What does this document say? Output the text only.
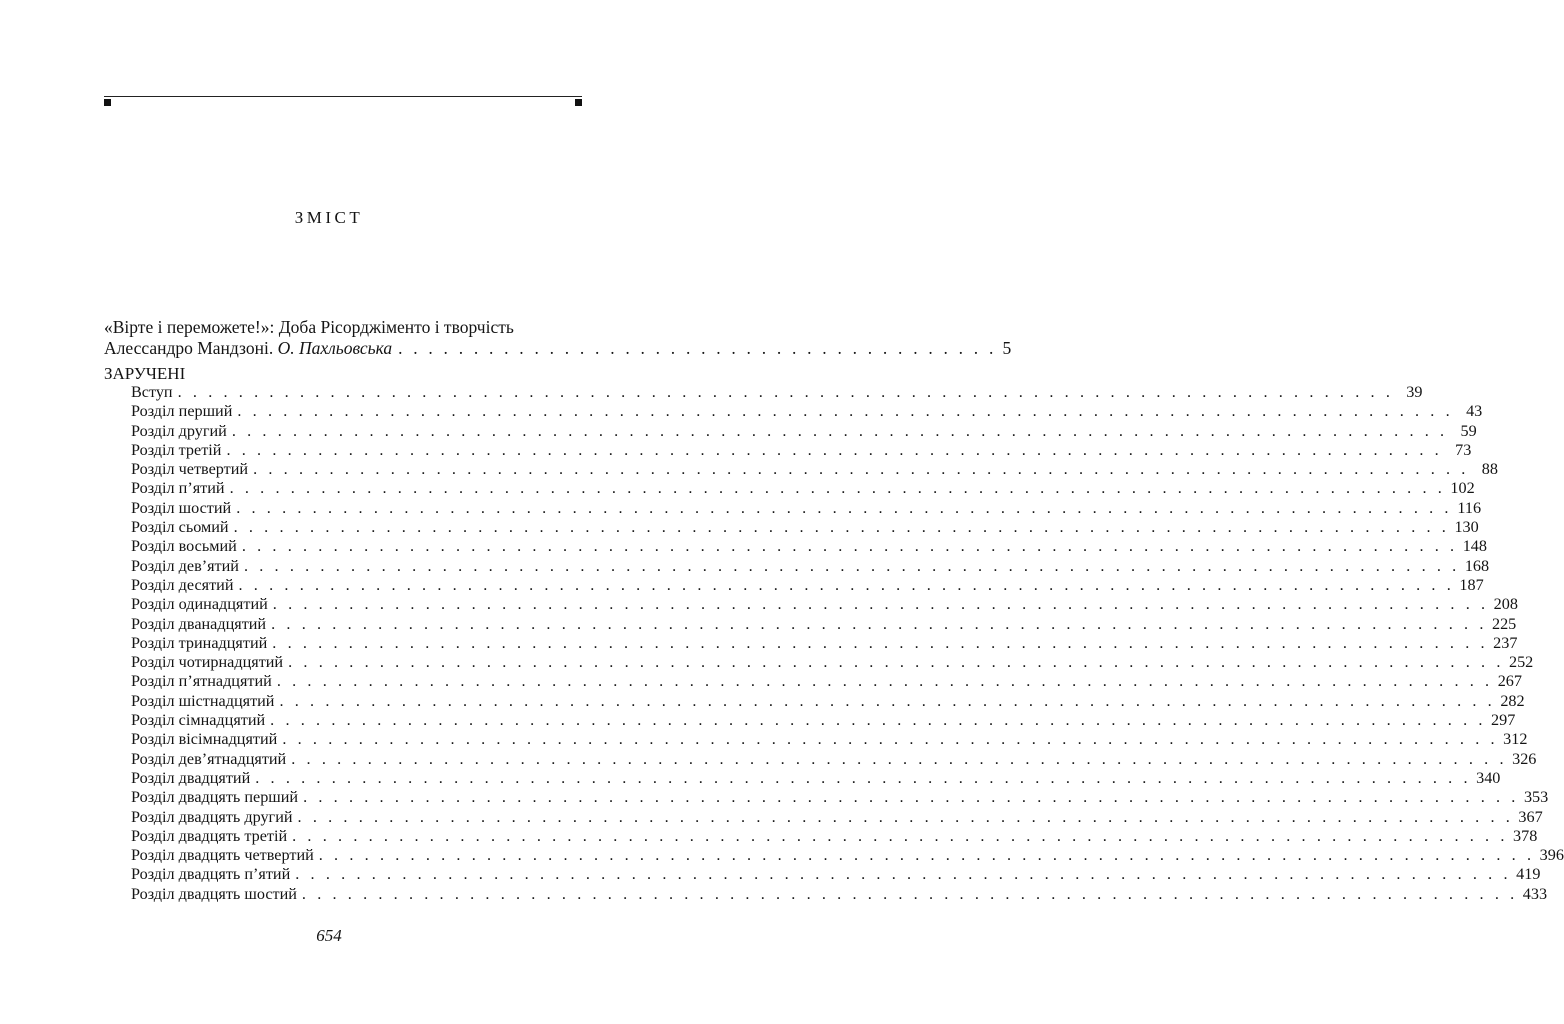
ЗМІСТ
«Вірте і переможете!»: Доба Рісорджіменто і творчість
Алессандро Мандзоні.
О. Пахльовська . . . . . . . . . . . . . . . . . . . . . . . . . . . . . . . . . . . . . . . . 5
ЗАРУЧЕНІ
Вступ . . . . . . . . . . . . . . . . . . . . . . . . . . . . . . . . . . . . . . . . . . . . . . . . . . . . . . . . . . . . . . . . . . . . . . . . . . . . . . . . 39
Розділ перший . . . . . . . . . . . . . . . . . . . . . . . . . . . . . . . . . . . . . . . . . . . . . . . . . . . . . . . . . . . . . . . . . . . . . . . . . . . . . . . . 43
Розділ другий . . . . . . . . . . . . . . . . . . . . . . . . . . . . . . . . . . . . . . . . . . . . . . . . . . . . . . . . . . . . . . . . . . . . . . . . . . . . . . . . 59
Розділ третій . . . . . . . . . . . . . . . . . . . . . . . . . . . . . . . . . . . . . . . . . . . . . . . . . . . . . . . . . . . . . . . . . . . . . . . . . . . . . . . . 73
Розділ четвертий . . . . . . . . . . . . . . . . . . . . . . . . . . . . . . . . . . . . . . . . . . . . . . . . . . . . . . . . . . . . . . . . . . . . . . . . . . . . . . . . 88
Розділ п’ятий . . . . . . . . . . . . . . . . . . . . . . . . . . . . . . . . . . . . . . . . . . . . . . . . . . . . . . . . . . . . . . . . . . . . . . . . . . . . . . . . 102
Розділ шостий . . . . . . . . . . . . . . . . . . . . . . . . . . . . . . . . . . . . . . . . . . . . . . . . . . . . . . . . . . . . . . . . . . . . . . . . . . . . . . . . 116
Розділ сьомий . . . . . . . . . . . . . . . . . . . . . . . . . . . . . . . . . . . . . . . . . . . . . . . . . . . . . . . . . . . . . . . . . . . . . . . . . . . . . . . . 130
Розділ восьмий . . . . . . . . . . . . . . . . . . . . . . . . . . . . . . . . . . . . . . . . . . . . . . . . . . . . . . . . . . . . . . . . . . . . . . . . . . . . . . . . 148
Розділ дев’ятий . . . . . . . . . . . . . . . . . . . . . . . . . . . . . . . . . . . . . . . . . . . . . . . . . . . . . . . . . . . . . . . . . . . . . . . . . . . . . . . . 168
Розділ десятий . . . . . . . . . . . . . . . . . . . . . . . . . . . . . . . . . . . . . . . . . . . . . . . . . . . . . . . . . . . . . . . . . . . . . . . . . . . . . . . . 187
Розділ одинадцятий . . . . . . . . . . . . . . . . . . . . . . . . . . . . . . . . . . . . . . . . . . . . . . . . . . . . . . . . . . . . . . . . . . . . . . . . . . . . . . . . 208
Розділ дванадцятий . . . . . . . . . . . . . . . . . . . . . . . . . . . . . . . . . . . . . . . . . . . . . . . . . . . . . . . . . . . . . . . . . . . . . . . . . . . . . . . . 225
Розділ тринадцятий . . . . . . . . . . . . . . . . . . . . . . . . . . . . . . . . . . . . . . . . . . . . . . . . . . . . . . . . . . . . . . . . . . . . . . . . . . . . . . . . 237
Розділ чотирнадцятий . . . . . . . . . . . . . . . . . . . . . . . . . . . . . . . . . . . . . . . . . . . . . . . . . . . . . . . . . . . . . . . . . . . . . . . . . . . . . . . . 252
Розділ п’ятнадцятий . . . . . . . . . . . . . . . . . . . . . . . . . . . . . . . . . . . . . . . . . . . . . . . . . . . . . . . . . . . . . . . . . . . . . . . . . . . . . . . . 267
Розділ шістнадцятий . . . . . . . . . . . . . . . . . . . . . . . . . . . . . . . . . . . . . . . . . . . . . . . . . . . . . . . . . . . . . . . . . . . . . . . . . . . . . . . . 282
Розділ сімнадцятий . . . . . . . . . . . . . . . . . . . . . . . . . . . . . . . . . . . . . . . . . . . . . . . . . . . . . . . . . . . . . . . . . . . . . . . . . . . . . . . . 297
Розділ вісімнадцятий . . . . . . . . . . . . . . . . . . . . . . . . . . . . . . . . . . . . . . . . . . . . . . . . . . . . . . . . . . . . . . . . . . . . . . . . . . . . . . . . 312
Розділ дев’ятнадцятий . . . . . . . . . . . . . . . . . . . . . . . . . . . . . . . . . . . . . . . . . . . . . . . . . . . . . . . . . . . . . . . . . . . . . . . . . . . . . . . . 326
Розділ двадцятий . . . . . . . . . . . . . . . . . . . . . . . . . . . . . . . . . . . . . . . . . . . . . . . . . . . . . . . . . . . . . . . . . . . . . . . . . . . . . . . . 340
Розділ двадцять перший . . . . . . . . . . . . . . . . . . . . . . . . . . . . . . . . . . . . . . . . . . . . . . . . . . . . . . . . . . . . . . . . . . . . . . . . . . . . . . . . 353
Розділ двадцять другий . . . . . . . . . . . . . . . . . . . . . . . . . . . . . . . . . . . . . . . . . . . . . . . . . . . . . . . . . . . . . . . . . . . . . . . . . . . . . . . . 367
Розділ двадцять третій . . . . . . . . . . . . . . . . . . . . . . . . . . . . . . . . . . . . . . . . . . . . . . . . . . . . . . . . . . . . . . . . . . . . . . . . . . . . . . . . 378
Розділ двадцять четвертий . . . . . . . . . . . . . . . . . . . . . . . . . . . . . . . . . . . . . . . . . . . . . . . . . . . . . . . . . . . . . . . . . . . . . . . . . . . . . . . . 396
Розділ двадцять п’ятий . . . . . . . . . . . . . . . . . . . . . . . . . . . . . . . . . . . . . . . . . . . . . . . . . . . . . . . . . . . . . . . . . . . . . . . . . . . . . . . . 419
Розділ двадцять шостий . . . . . . . . . . . . . . . . . . . . . . . . . . . . . . . . . . . . . . . . . . . . . . . . . . . . . . . . . . . . . . . . . . . . . . . . . . . . . . . . 433
654
